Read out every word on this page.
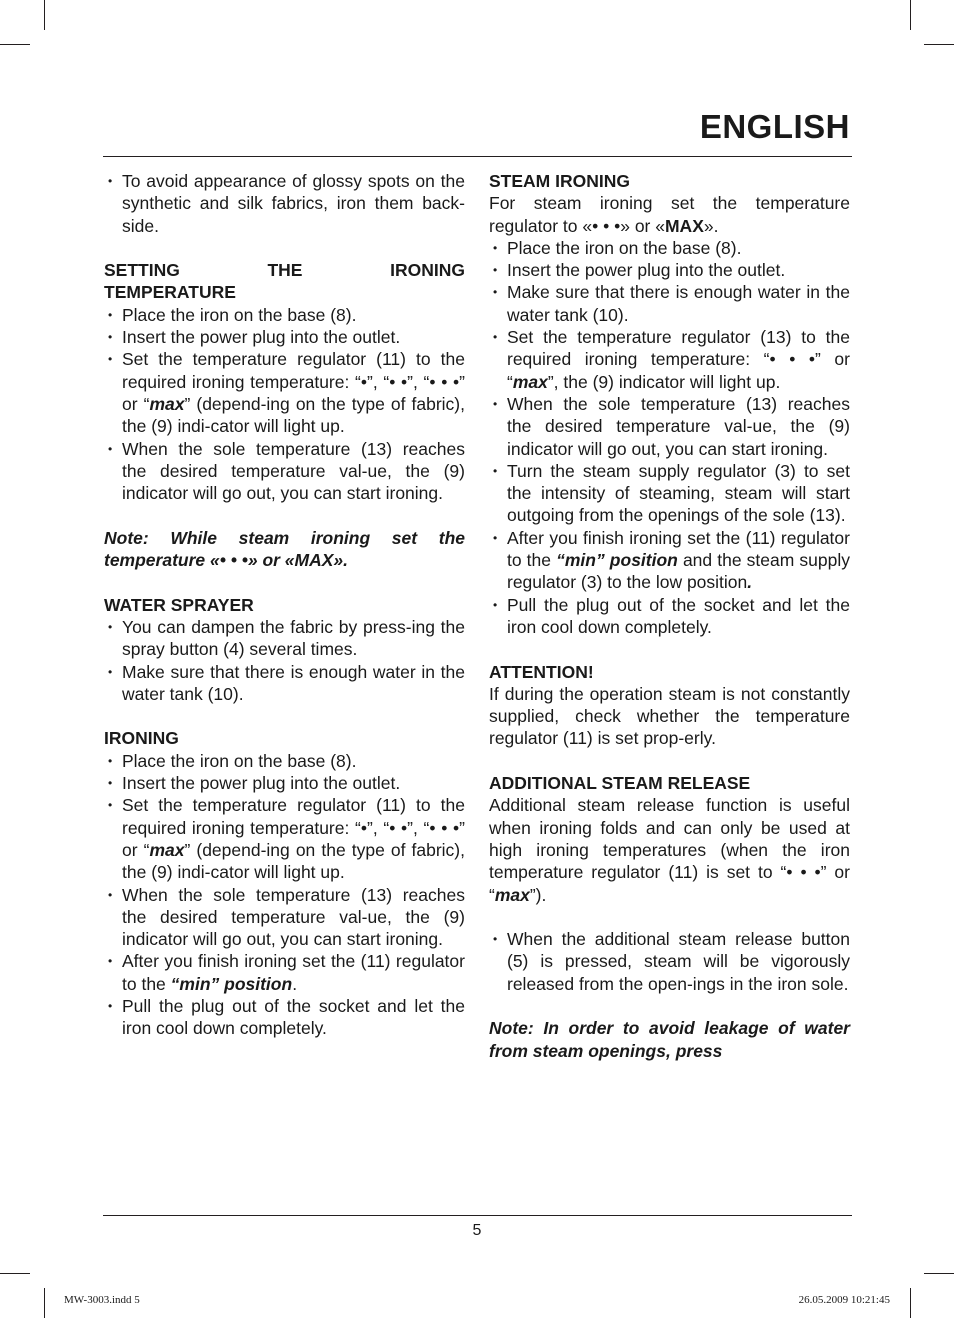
ENGLISH
• To avoid appearance of glossy spots on the synthetic and silk fabrics, iron them back-side.
SETTING THE IRONING
TEMPERATURE
• Place the iron on the base (8).
• Insert the power plug into the outlet.
• Set the temperature regulator (11) to the required ironing temperature: “•”, “• •”, “• • •” or “max” (depend-ing on the type of fabric), the (9) indi-cator will light up.
• When the sole temperature (13) reaches the desired temperature val-ue, the (9) indicator will go out, you can start ironing.

Note: While steam ironing set the temperature «• • •» or «MAX».

WATER SPRAYER
• You can dampen the fabric by press-ing the spray button (4) several times.
• Make sure that there is enough water in the water tank (10).
IRONING
• Place the iron on the base (8).
• Insert the power plug into the outlet.
• Set the temperature regulator (11) to the required ironing temperature: “•”, “• •”, “• • •” or “max” (depend-ing on the type of fabric), the (9) indi-cator will light up.
• When the sole temperature (13) reaches the desired temperature val-ue, the (9) indicator will go out, you can start ironing.
• After you finish ironing set the (11) regulator to the “min” position.
• Pull the plug out of the socket and let the iron cool down completely.
STEAM IRONING

For steam ironing set the temperature regulator to «• • •» or «MAX».

• Place the iron on the base (8).
• Insert the power plug into the outlet.
• Make sure that there is enough water in the water tank (10).
• Set the temperature regulator (13) to the required ironing temperature: “• • •” or “max”, the (9) indicator will light up.
• When the sole temperature (13) reaches the desired temperature val-ue, the (9) indicator will go out, you can start ironing.
• Turn the steam supply regulator (3) to set the intensity of steaming, steam will start outgoing from the openings of the sole (13).
• After you finish ironing set the (11) regulator to the “min” position and the steam supply regulator (3) to the low position.
• Pull the plug out of the socket and let the iron cool down completely.
ATTENTION!

If during the operation steam is not constantly supplied, check whether the temperature regulator (11) is set prop-erly.

ADDITIONAL STEAM RELEASE

Additional steam release function is useful when ironing folds and can only be used at high ironing temperatures (when the iron temperature regulator (11) is set to “• • •” or “max”).

• When the additional steam release button (5) is pressed, steam will be vigorously released from the open-ings in the iron sole.

Note: In order to avoid leakage of water from steam openings, press

5
MW-3003.indd 5	26.05.2009 10:21:45
